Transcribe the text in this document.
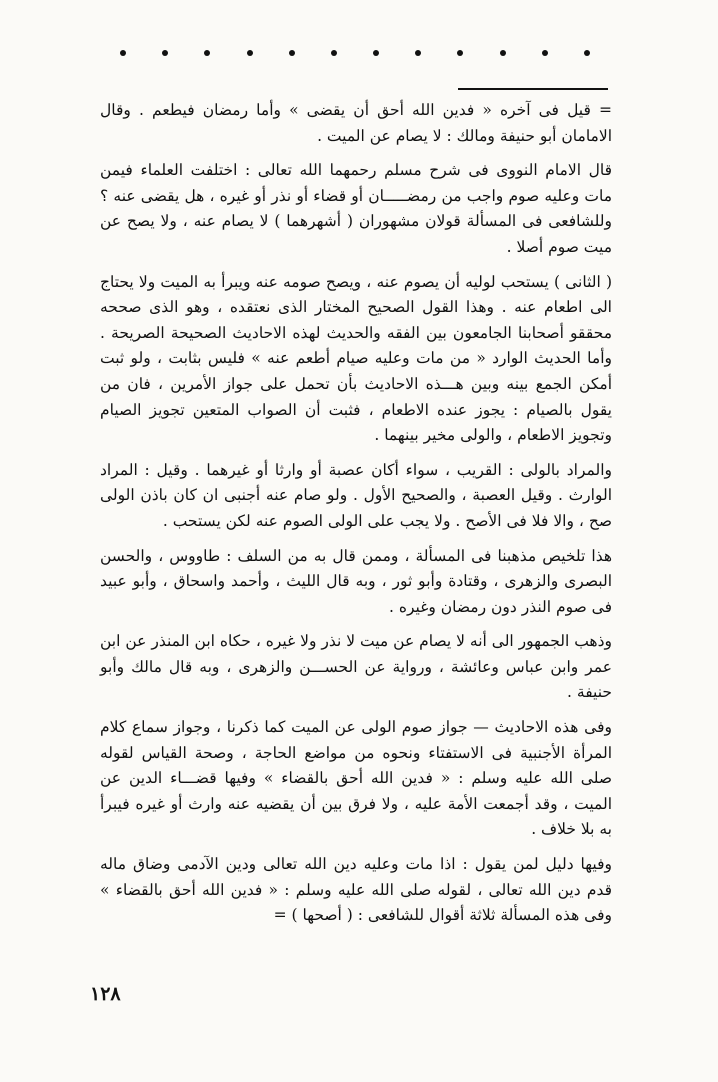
= قيل فى آخره « فدين الله أحق أن يقضى » وأما رمضان فيطعم . وقال الامامان أبو حنيفة ومالك : لا يصام عن الميت .

قال الامام النووى فى شرح مسلم رحمهما الله تعالى : اختلفت العلماء فيمن مات وعليه صوم واجب من رمضـــــان أو قضاء أو نذر أو غيره ، هل يقضى عنه ؟ وللشافعى فى المسألة قولان مشهوران ( أشهرهما ) لا يصام عنه ، ولا يصح عن ميت صوم أصلا .

( الثانى ) يستحب لوليه أن يصوم عنه ، ويصح صومه عنه ويبرأ به الميت ولا يحتاج الى اطعام عنه . وهذا القول الصحيح المختار الذى نعتقده ، وهو الذى صححه محققو أصحابنا الجامعون بين الفقه والحديث لهذه الاحاديث الصحيحة الصريحة . وأما الحديث الوارد « من مات وعليه صيام أطعم عنه » فليس بثابت ، ولو ثبت أمكن الجمع بينه وبين هـــذه الاحاديث بأن تحمل على جواز الأمرين ، فان من يقول بالصيام : يجوز عنده الاطعام ، فثبت أن الصواب المتعين تجويز الصيام وتجويز الاطعام ، والولى مخير بينهما .

والمراد بالولى : القريب ، سواء أكان عصبة أو وارثا أو غيرهما . وقيل : المراد الوارث . وقيل العصبة ، والصحيح الأول . ولو صام عنه أجنبى ان كان باذن الولى صح ، والا فلا فى الأصح . ولا يجب على الولى الصوم عنه لكن يستحب .

هذا تلخيص مذهبنا فى المسألة ، وممن قال به من السلف : طاووس ، والحسن البصرى والزهرى ، وقتادة وأبو ثور ، وبه قال الليث ، وأحمد واسحاق ، وأبو عبيد فى صوم النذر دون رمضان وغيره .

وذهب الجمهور الى أنه لا يصام عن ميت لا نذر ولا غيره ، حكاه ابن المنذر عن ابن عمر وابن عباس وعائشة ، ورواية عن الحســـن والزهرى ، وبه قال مالك وأبو حنيفة .

وفى هذه الاحاديث — جواز صوم الولى عن الميت كما ذكرنا ، وجواز سماع كلام المرأة الأجنبية فى الاستفتاء ونحوه من مواضع الحاجة ، وصحة القياس لقوله صلى الله عليه وسلم : « فدين الله أحق بالقضاء » وفيها قضـــاء الدين عن الميت ، وقد أجمعت الأمة عليه ، ولا فرق بين أن يقضيه عنه وارث أو غيره فيبرأ به بلا خلاف .

وفيها دليل لمن يقول : اذا مات وعليه دين الله تعالى ودين الآدمى وضاق ماله قدم دين الله تعالى ، لقوله صلى الله عليه وسلم : « فدين الله أحق بالقضاء » وفى هذه المسألة ثلاثة أقوال للشافعى : ( أصحها ) =

١٢٨
